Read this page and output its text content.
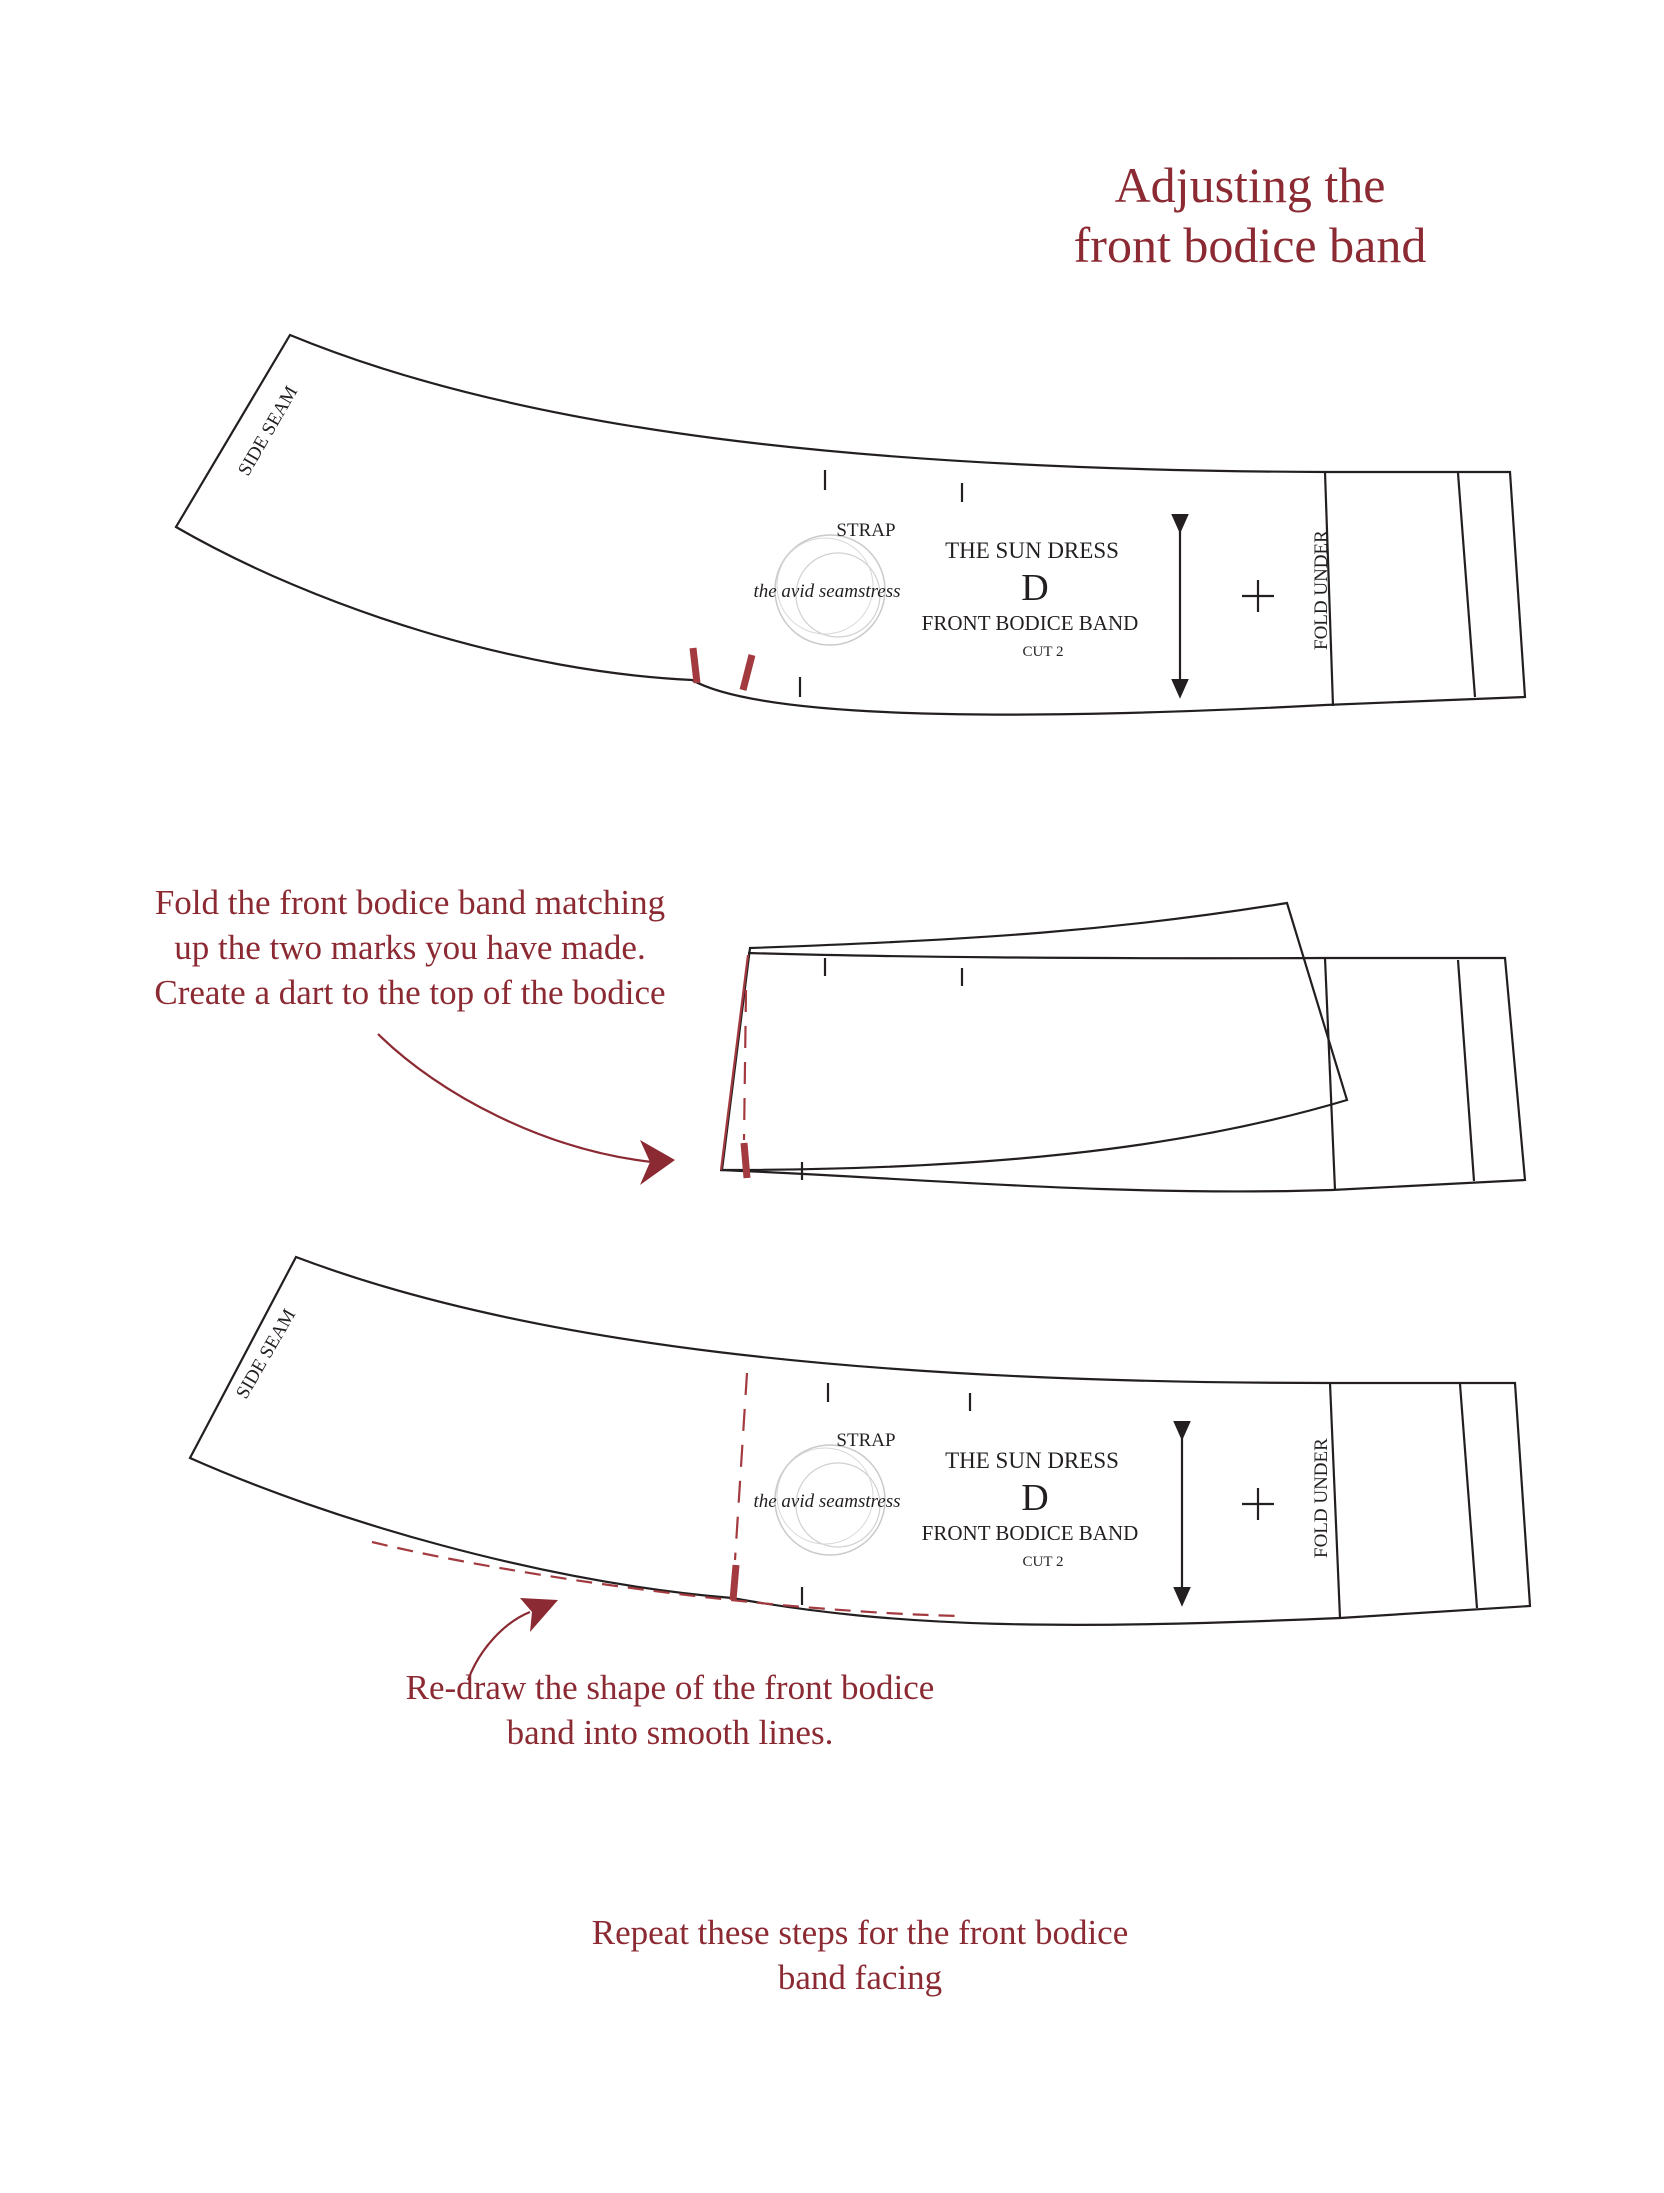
Adjusting the
front bodice band
Fold the front bodice band matching
up the two marks you have made.
Create a dart to the top of the bodice
Re-draw the shape of the front bodice
band into smooth lines.
Repeat these steps for the front bodice
band facing
the avid seamstress
SIDE SEAM
STRAP
THE SUN DRESS
D
FRONT BODICE BAND
CUT 2
FOLD UNDER
the avid seamstress
SIDE SEAM
STRAP
THE SUN DRESS
D
FRONT BODICE BAND
CUT 2
FOLD UNDER
